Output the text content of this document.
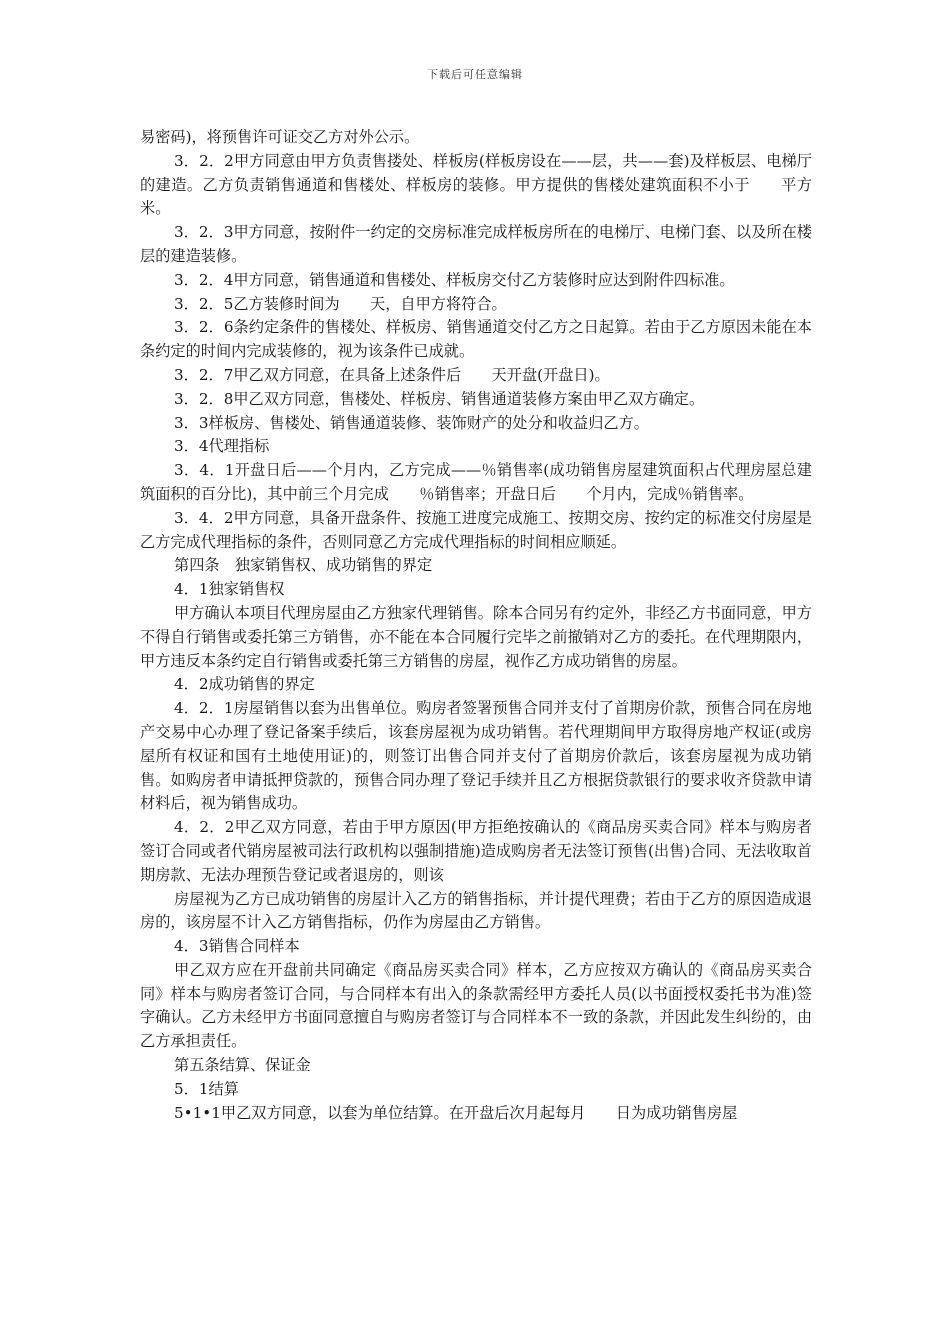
下载后可任意编辑

易密码)，将预售许可证交乙方对外公示。

3．2．2甲方同意由甲方负责售搂处、样板房(样板房设在——层，共——套)及样板层、电梯厅的建造。乙方负责销售通道和售楼处、样板房的装修。甲方提供的售楼处建筑面积不小于　　平方米。

3．2．3甲方同意，按附件一约定的交房标准完成样板房所在的电梯厅、电梯门套、以及所在楼层的建造装修。

3．2．4甲方同意，销售通道和售楼处、样板房交付乙方装修时应达到附件四标准。

3．2．5乙方装修时间为　　天，自甲方将符合。

3．2．6条约定条件的售楼处、样板房、销售通道交付乙方之日起算。若由于乙方原因未能在本条约定的时间内完成装修的，视为该条件已成就。

3．2．7甲乙双方同意，在具备上述条件后　　天开盘(开盘日)。

3．2．8甲乙双方同意，售楼处、样板房、销售通道装修方案由甲乙双方确定。

3．3样板房、售楼处、销售通道装修、装饰财产的处分和收益归乙方。

3．4代理指标

3．4．1开盘日后——个月内，乙方完成——％销售率(成功销售房屋建筑面积占代理房屋总建筑面积的百分比)，其中前三个月完成　　％销售率；开盘日后　　个月内，完成％销售率。

3．4．2甲方同意，具备开盘条件、按施工进度完成施工、按期交房、按约定的标准交付房屋是乙方完成代理指标的条件，否则同意乙方完成代理指标的时间相应顺延。

第四条　独家销售权、成功销售的界定

4．1独家销售权

甲方确认本项目代理房屋由乙方独家代理销售。除本合同另有约定外，非经乙方书面同意，甲方不得自行销售或委托第三方销售，亦不能在本合同履行完毕之前撤销对乙方的委托。在代理期限内，甲方违反本条约定自行销售或委托第三方销售的房屋，视作乙方成功销售的房屋。

4．2成功销售的界定

4．2．1房屋销售以套为出售单位。购房者签署预售合同并支付了首期房价款，预售合同在房地产交易中心办理了登记备案手续后，该套房屋视为成功销售。若代理期间甲方取得房地产权证(或房屋所有权证和国有土地使用证)的，则签订出售合同并支付了首期房价款后，该套房屋视为成功销售。如购房者申请抵押贷款的，预售合同办理了登记手续并且乙方根据贷款银行的要求收齐贷款申请材料后，视为销售成功。

4．2．2甲乙双方同意，若由于甲方原因(甲方拒绝按确认的《商品房买卖合同》样本与购房者签订合同或者代销房屋被司法行政机构以强制措施)造成购房者无法签订预售(出售)合同、无法收取首期房款、无法办理预告登记或者退房的，则该

房屋视为乙方已成功销售的房屋计入乙方的销售指标，并计提代理费；若由于乙方的原因造成退房的，该房屋不计入乙方销售指标，仍作为房屋由乙方销售。

4．3销售合同样本

甲乙双方应在开盘前共同确定《商品房买卖合同》样本，乙方应按双方确认的《商品房买卖合同》样本与购房者签订合同，与合同样本有出入的条款需经甲方委托人员(以书面授权委托书为准)签字确认。乙方未经甲方书面同意擅自与购房者签订与合同样本不一致的条款，并因此发生纠纷的，由乙方承担责任。

第五条结算、保证金

5．1结算

5•1•1甲乙双方同意，以套为单位结算。在开盘后次月起每月　　日为成功销售房屋
